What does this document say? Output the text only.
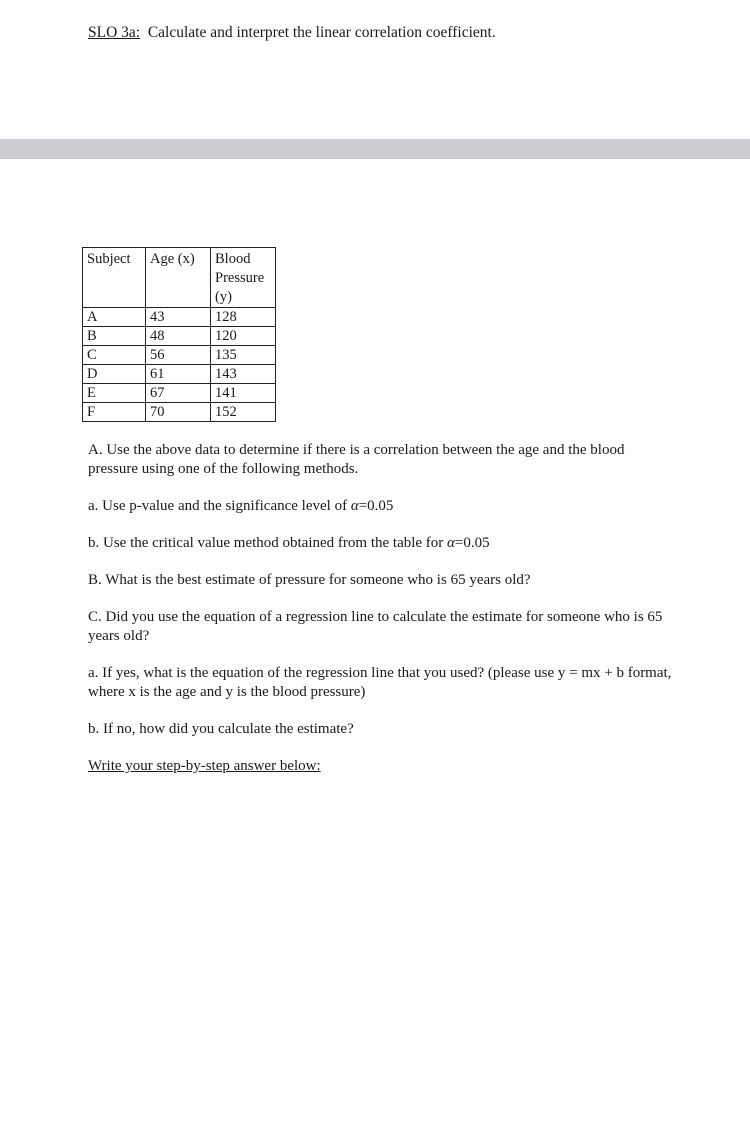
SLO 3a: Calculate and interpret the linear correlation coefficient.
Subject	Age (x)	Blood Pressure (y)
A	43	128
B	48	120
C	56	135
D	61	143
E	67	141
F	70	152

A. Use the above data to determine if there is a correlation between the age and the blood pressure using one of the following methods.

a. Use p-value and the significance level of α=0.05

b. Use the critical value method obtained from the table for α=0.05

B. What is the best estimate of pressure for someone who is 65 years old?

C. Did you use the equation of a regression line to calculate the estimate for someone who is 65 years old?

a. If yes, what is the equation of the regression line that you used? (please use y = mx + b format, where x is the age and y is the blood pressure)

b. If no, how did you calculate the estimate?

Write your step-by-step answer below:
